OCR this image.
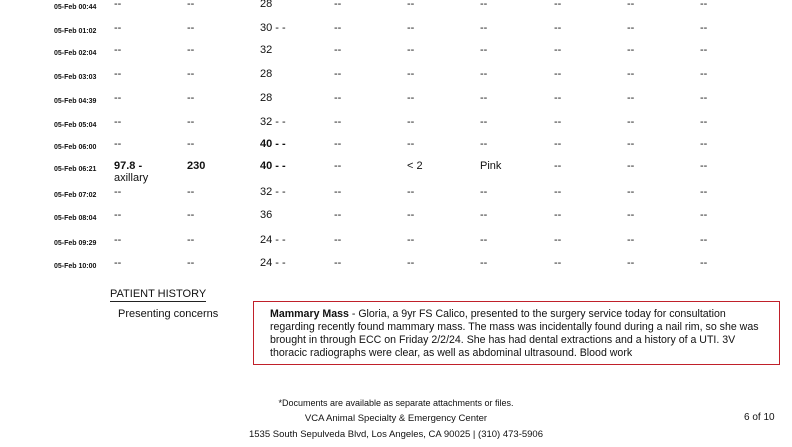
05-Feb 00:44 --	--	28	--	--	--	--	--	--
05-Feb 01:02 --	--	30 - -	--	--	--	--	--	--
05-Feb 02:04 --	--	32	--	--	--	--	--	--
05-Feb 03:03 --	--	28	--	--	--	--	--	--
05-Feb 04:39 --	--	28	--	--	--	--	--	--
05-Feb 05:04 --	--	32 - -	--	--	--	--	--	--
05-Feb 06:00 --	--	40 - -	--	--	--	--	--	--
05-Feb 06:21 97.8 -	230	40 - -	--	< 2	Pink	--	--	--
axillary
05-Feb 07:02 --	--	32 - -	--	--	--	--	--	--
05-Feb 08:04 --	--	36	--	--	--	--	--	--
05-Feb 09:29 --	--	24 - -	--	--	--	--	--	--
05-Feb 10:00 --	--	24 - -	--	--	--	--	--	--
PATIENT HISTORY
Presenting concerns	Mammary Mass - Gloria, a 9yr FS Calico, presented to the surgery service today for consultation regarding recently found mammary mass. The mass was incidentally found during a nail rim, so she was brought in through ECC on Friday 2/2/24. She has had dental extractions and a history of a UTI. 3V thoracic radiographs were clear, as well as abdominal ultrasound. Blood work
*Documents are available as separate attachments or files.
VCA Animal Specialty & Emergency Center
1535 South Sepulveda Blvd, Los Angeles, CA 90025 | (310) 473-5906
6 of 10
